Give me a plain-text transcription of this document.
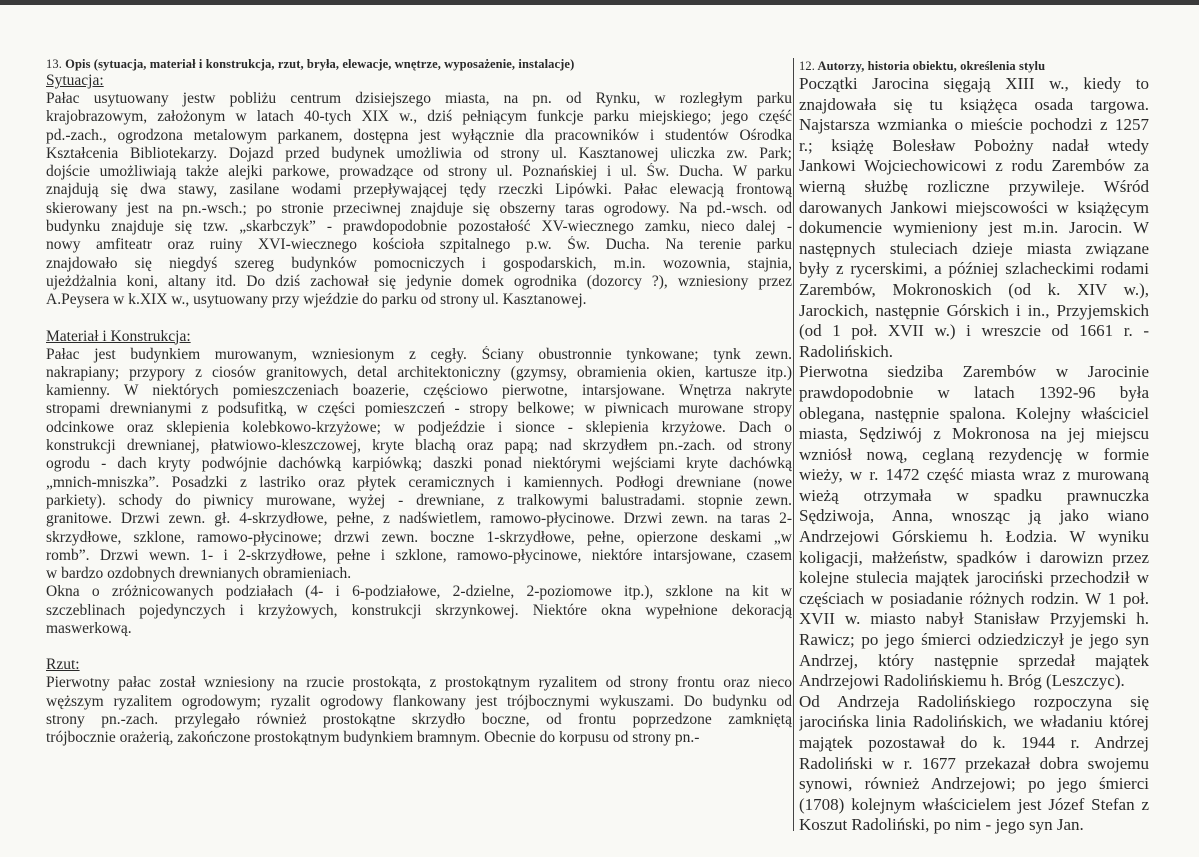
13. Opis (sytuacja, materiał i konstrukcja, rzut, bryła, elewacje, wnętrze, wyposażenie, instalacje)
Sytuacja:
Pałac usytuowany jestw pobliżu centrum dzisiejszego miasta, na pn. od Rynku, w rozległym parku
krajobrazowym, założonym w latach 40-tych XIX w., dziś pełniącym funkcje parku miejskiego; jego część
pd.-zach., ogrodzona metalowym parkanem, dostępna jest wyłącznie dla pracowników i studentów Ośrodka
Kształcenia Bibliotekarzy. Dojazd przed budynek umożliwia od strony ul. Kasztanowej uliczka zw. Park;
dojście umożliwiają także alejki parkowe, prowadzące od strony ul. Poznańskiej i ul. Św. Ducha. W parku
znajdują się dwa stawy, zasilane wodami przepływającej tędy rzeczki Lipówki. Pałac elewacją frontową
skierowany jest na pn.-wsch.; po stronie przeciwnej znajduje się obszerny taras ogrodowy. Na pd.-wsch. od
budynku znajduje się tzw. „skarbczyk” - prawdopodobnie pozostałość XV-wiecznego zamku, nieco dalej -
nowy amfiteatr oraz ruiny XVI-wiecznego kościoła szpitalnego p.w. Św. Ducha. Na terenie parku
znajdowało się niegdyś szereg budynków pomocniczych i gospodarskich, m.in. wozownia, stajnia,
ujeżdżalnia koni, altany itd. Do dziś zachował się jedynie domek ogrodnika (dozorcy ?), wzniesiony przez
A.Peysera w k.XIX w., usytuowany przy wjeździe do parku od strony ul. Kasztanowej.
Materiał i Konstrukcja:
Pałac jest budynkiem murowanym, wzniesionym z cegły. Ściany obustronnie tynkowane; tynk zewn.
nakrapiany; przypory z ciosów granitowych, detal architektoniczny (gzymsy, obramienia okien, kartusze itp.)
kamienny. W niektórych pomieszczeniach boazerie, częściowo pierwotne, intarsjowane. Wnętrza nakryte
stropami drewnianymi z podsufitką, w części pomieszczeń - stropy belkowe; w piwnicach murowane stropy
odcinkowe oraz sklepienia kolebkowo-krzyżowe; w podjeździe i sionce - sklepienia krzyżowe. Dach o
konstrukcji drewnianej, płatwiowo-kleszczowej, kryte blachą oraz papą; nad skrzydłem pn.-zach. od strony
ogrodu - dach kryty podwójnie dachówką karpiówką; daszki ponad niektórymi wejściami kryte dachówką
„mnich-mniszka”. Posadzki z lastriko oraz płytek ceramicznych i kamiennych. Podłogi drewniane (nowe
parkiety). schody do piwnicy murowane, wyżej - drewniane, z tralkowymi balustradami. stopnie zewn.
granitowe. Drzwi zewn. gł. 4-skrzydłowe, pełne, z nadświetlem, ramowo-płycinowe. Drzwi zewn. na taras 2-
skrzydłowe, szklone, ramowo-płycinowe; drzwi zewn. boczne 1-skrzydłowe, pełne, opierzone deskami „w
romb”. Drzwi wewn. 1- i 2-skrzydłowe, pełne i szklone, ramowo-płycinowe, niektóre intarsjowane, czasem
w bardzo ozdobnych drewnianych obramieniach.
Okna o zróżnicowanych podziałach (4- i 6-podziałowe, 2-dzielne, 2-poziomowe itp.), szklone na kit w
szczeblinach pojedynczych i krzyżowych, konstrukcji skrzynkowej. Niektóre okna wypełnione dekoracją
maswerkową.
Rzut:
Pierwotny pałac został wzniesiony na rzucie prostokąta, z prostokątnym ryzalitem od strony frontu oraz nieco
węższym ryzalitem ogrodowym; ryzalit ogrodowy flankowany jest trójbocznymi wykuszami. Do budynku od
strony pn.-zach. przylegało również prostokątne skrzydło boczne, od frontu poprzedzone zamkniętą
trójbocznie orażerią, zakończone prostokątnym budynkiem bramnym. Obecnie do korpusu od strony pn.-
12. Autorzy, historia obiektu, określenia stylu
Początki Jarocina sięgają XIII w., kiedy to
znajdowała się tu książęca osada targowa.
Najstarsza wzmianka o mieście pochodzi z 1257
r.; książę Bolesław Pobożny nadał wtedy
Jankowi Wojciechowicowi z rodu Zarembów za
wierną służbę rozliczne przywileje. Wśród
darowanych Jankowi miejscowości w książęcym
dokumencie wymieniony jest m.in. Jarocin. W
następnych stuleciach dzieje miasta związane
były z rycerskimi, a później szlacheckimi rodami
Zarembów, Mokronoskich (od k. XIV w.),
Jarockich, następnie Górskich i in., Przyjemskich
(od 1 poł. XVII w.) i wreszcie od 1661 r. -
Radolińskich.
Pierwotna siedziba Zarembów w Jarocinie
prawdopodobnie w latach 1392-96 była
oblegana, następnie spalona. Kolejny właściciel
miasta, Sędziwój z Mokronosa na jej miejscu
wzniósł nową, ceglaną rezydencję w formie
wieży, w r. 1472 część miasta wraz z murowaną
wieżą otrzymała w spadku prawnuczka
Sędziwoja, Anna, wnosząc ją jako wiano
Andrzejowi Górskiemu h. Łodzia. W wyniku
koligacji, małżeństw, spadków i darowizn przez
kolejne stulecia majątek jarociński przechodził w
częściach w posiadanie różnych rodzin. W 1 poł.
XVII w. miasto nabył Stanisław Przyjemski h.
Rawicz; po jego śmierci odziedziczył je jego syn
Andrzej, który następnie sprzedał majątek
Andrzejowi Radolińskiemu h. Bróg (Leszczyc).
Od Andrzeja Radolińskiego rozpoczyna się
jarocińska linia Radolińskich, we władaniu której
majątek pozostawał do k. 1944 r. Andrzej
Radoliński w r. 1677 przekazał dobra swojemu
synowi, również Andrzejowi; po jego śmierci
(1708) kolejnym właścicielem jest Józef Stefan z
Koszut Radoliński, po nim - jego syn Jan.
